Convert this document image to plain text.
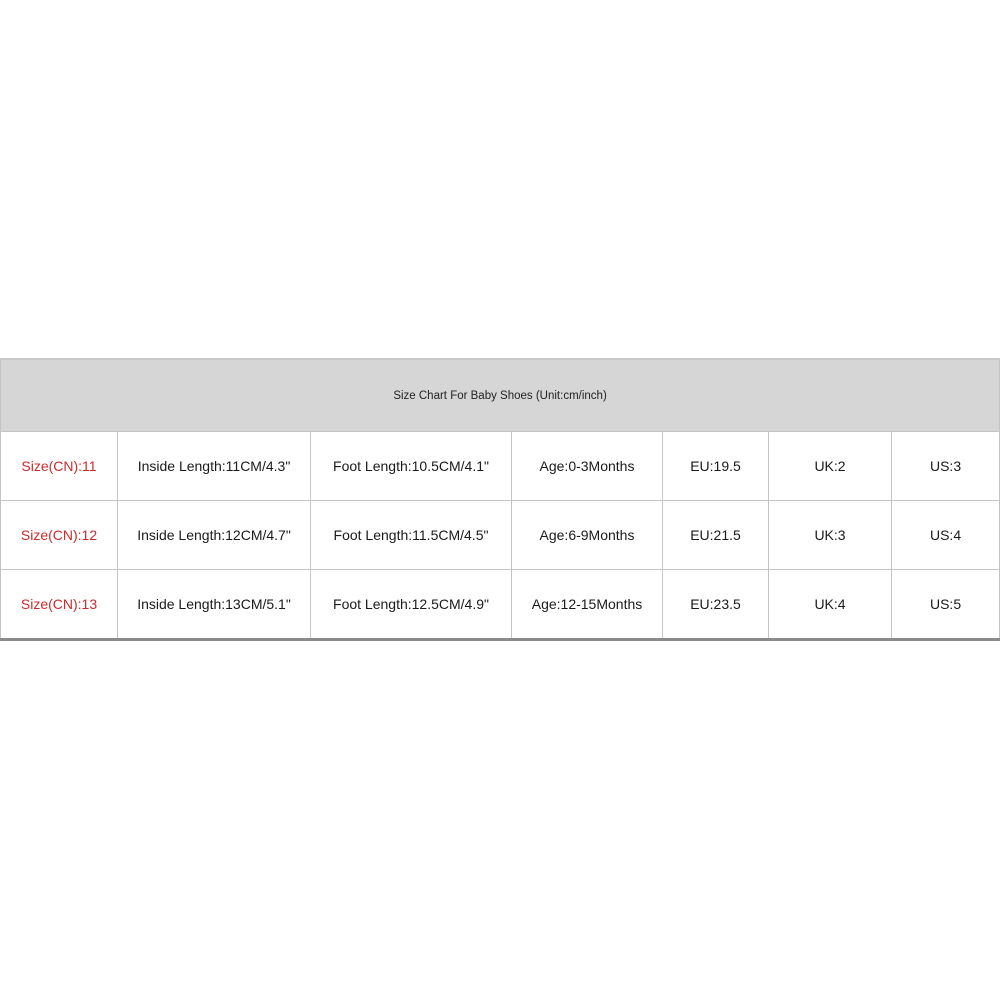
Size Chart For Baby Shoes (Unit:cm/inch)						
Size(CN):11	Inside Length:11CM/4.3"	Foot Length:10.5CM/4.1"	Age:0-3Months	EU:19.5	UK:2	US:3
Size(CN):12	Inside Length:12CM/4.7"	Foot Length:11.5CM/4.5"	Age:6-9Months	EU:21.5	UK:3	US:4
Size(CN):13	Inside Length:13CM/5.1"	Foot Length:12.5CM/4.9"	Age:12-15Months	EU:23.5	UK:4	US:5
